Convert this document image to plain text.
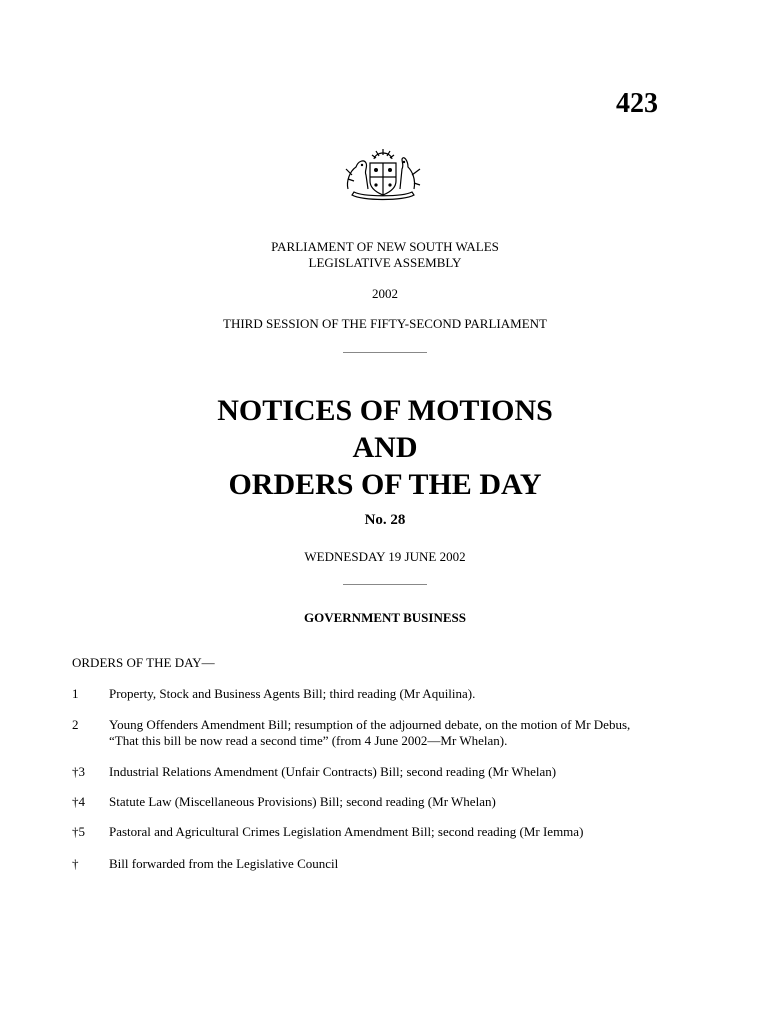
423
PARLIAMENT OF NEW SOUTH WALES
LEGISLATIVE ASSEMBLY
2002
THIRD SESSION OF THE FIFTY-SECOND PARLIAMENT
NOTICES OF MOTIONS
AND
ORDERS OF THE DAY
No. 28
WEDNESDAY 19 JUNE 2002
GOVERNMENT BUSINESS
ORDERS OF THE DAY—
1	Property, Stock and Business Agents Bill; third reading (Mr Aquilina).
2	Young Offenders Amendment Bill; resumption of the adjourned debate, on the motion of Mr Debus, “That this bill be now read a second time” (from 4 June 2002—Mr Whelan).
†3	Industrial Relations Amendment (Unfair Contracts) Bill; second reading (Mr Whelan)
†4	Statute Law (Miscellaneous Provisions) Bill; second reading (Mr Whelan)
†5	Pastoral and Agricultural Crimes Legislation Amendment Bill; second reading (Mr Iemma)
†	Bill forwarded from the Legislative Council
